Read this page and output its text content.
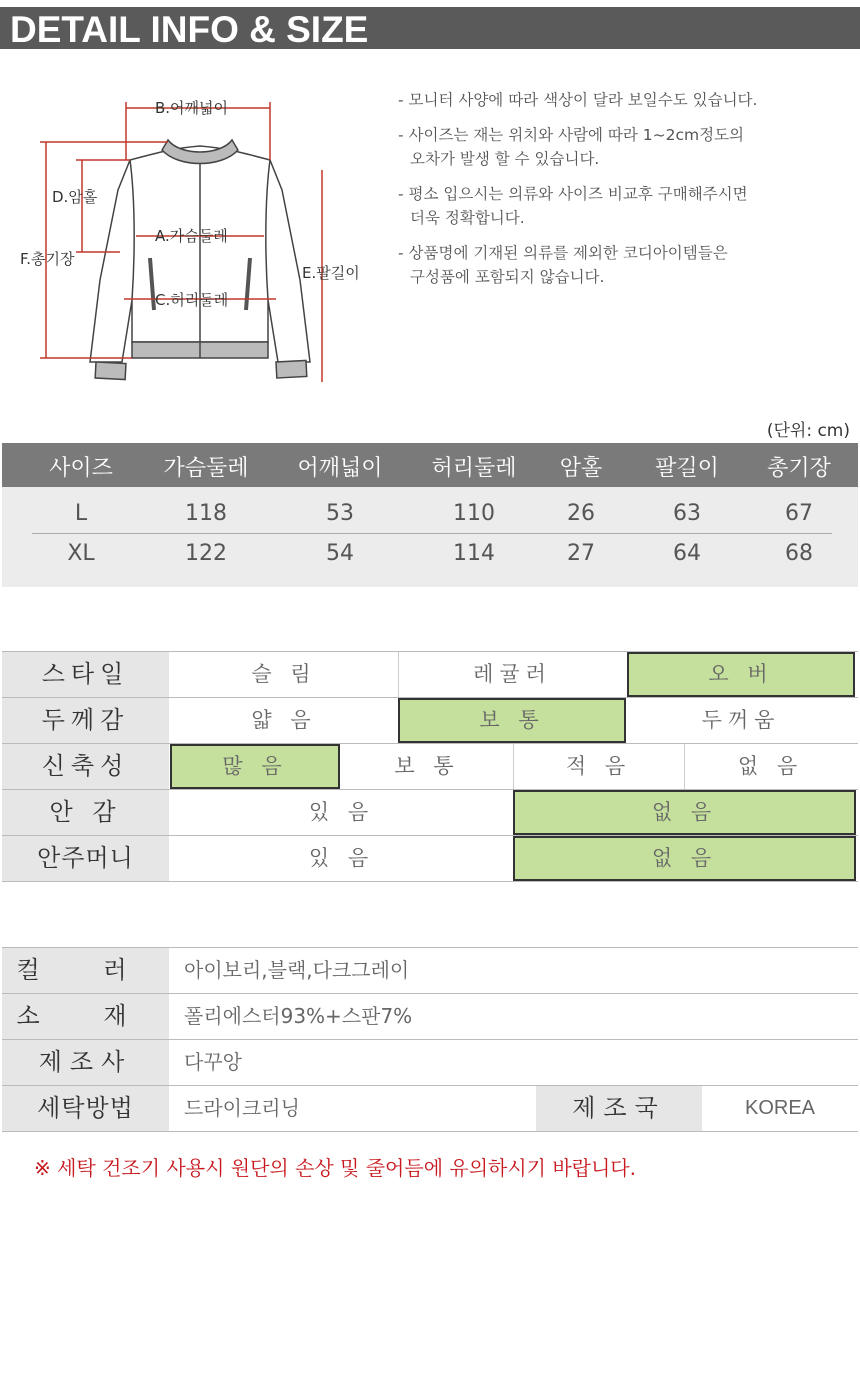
DETAIL INFO & SIZE
B.어깨넓이
D.암홀
A.가슴둘레
F.총기장
E.팔길이
C.허리둘레

- 모니터 사양에 따라 색상이 달라 보일수도 있습니다.

- 사이즈는 재는 위치와 사람에 따라 1~2cm정도의
오차가 발생 할 수 있습니다.

- 평소 입으시는 의류와 사이즈 비교후 구매해주시면
더욱 정확합니다.

- 상품명에 기재된 의류를 제외한 코디아이템들은
구성품에 포함되지 않습니다.

(단위: cm)
사이즈	가슴둘레	어깨넓이	허리둘레	암홀	팔길이	총기장
L	118	53	110	26	63	67
XL	122	54	114	27	64	68
스타일	슬 림	레귤러	오 버
두께감	얇 음	보 통	두꺼움
신축성	많 음	보 통	적 음	없 음
안 감	있 음	없 음
안주머니	있 음	없 음
컬 러	아이보리,블랙,다크그레이
소 재	폴리에스터93%+스판7%
제조사	다꾸앙
세탁방법	드라이크리닝	제조국	KOREA
※ 세탁 건조기 사용시 원단의 손상 및 줄어듬에 유의하시기 바랍니다.
